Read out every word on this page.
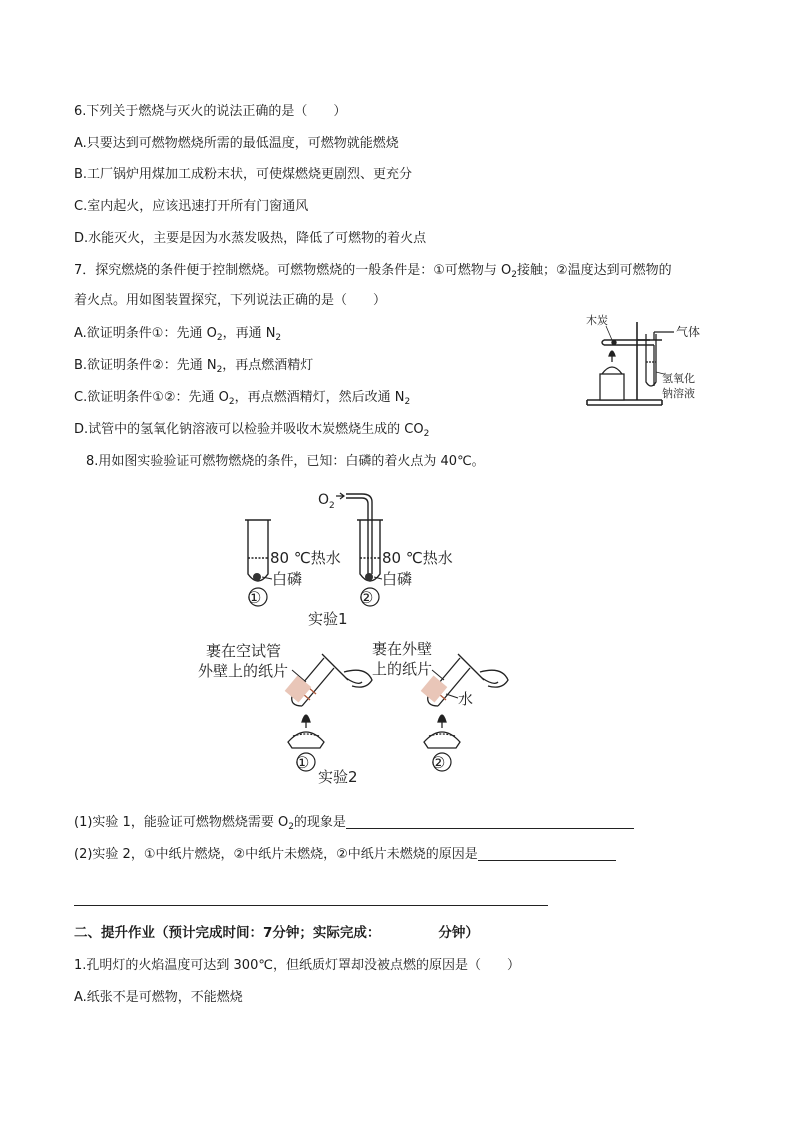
6.下列关于燃烧与灭火的说法正确的是（　　）
A.只要达到可燃物燃烧所需的最低温度，可燃物就能燃烧
B.工厂锅炉用煤加工成粉末状，可使煤燃烧更剧烈、更充分
C.室内起火，应该迅速打开所有门窗通风
D.水能灭火，主要是因为水蒸发吸热，降低了可燃物的着火点
7．探究燃烧的条件便于控制燃烧。可燃物燃烧的一般条件是：①可燃物与 $O_2$接触；②温度达到可燃物的
着火点。用如图装置探究，下列说法正确的是（　　）
A.欲证明条件①：先通 $O_2$，再通 $N_2$
B.欲证明条件②：先通 $N_2$，再点燃酒精灯
C.欲证明条件①②：先通 $O_2$，再点燃酒精灯，然后改通 $N_2$
D.试管中的氢氧化钠溶液可以检验并吸收木炭燃烧生成的 $CO_2$
木炭
气体
氢氧化
钠溶液
8.用如图实验验证可燃物燃烧的条件，已知：白磷的着火点为 40℃。
80 ℃热水
白磷
①
$O_2$
80 ℃热水
白磷
②
实验1
裹在空试管
外壁上的纸片
①
裹在外壁
上的纸片
水
②
实验2
(1)实验 1，能验证可燃物燃烧需要 $O_2$的现象是
(2)实验 2，①中纸片燃烧，②中纸片未燃烧，②中纸片未燃烧的原因是
二、提升作业（预计完成时间：7分钟；实际完成：	分钟）
1.孔明灯的火焰温度可达到 300℃，但纸质灯罩却没被点燃的原因是（　　）
A.纸张不是可燃物，不能燃烧
